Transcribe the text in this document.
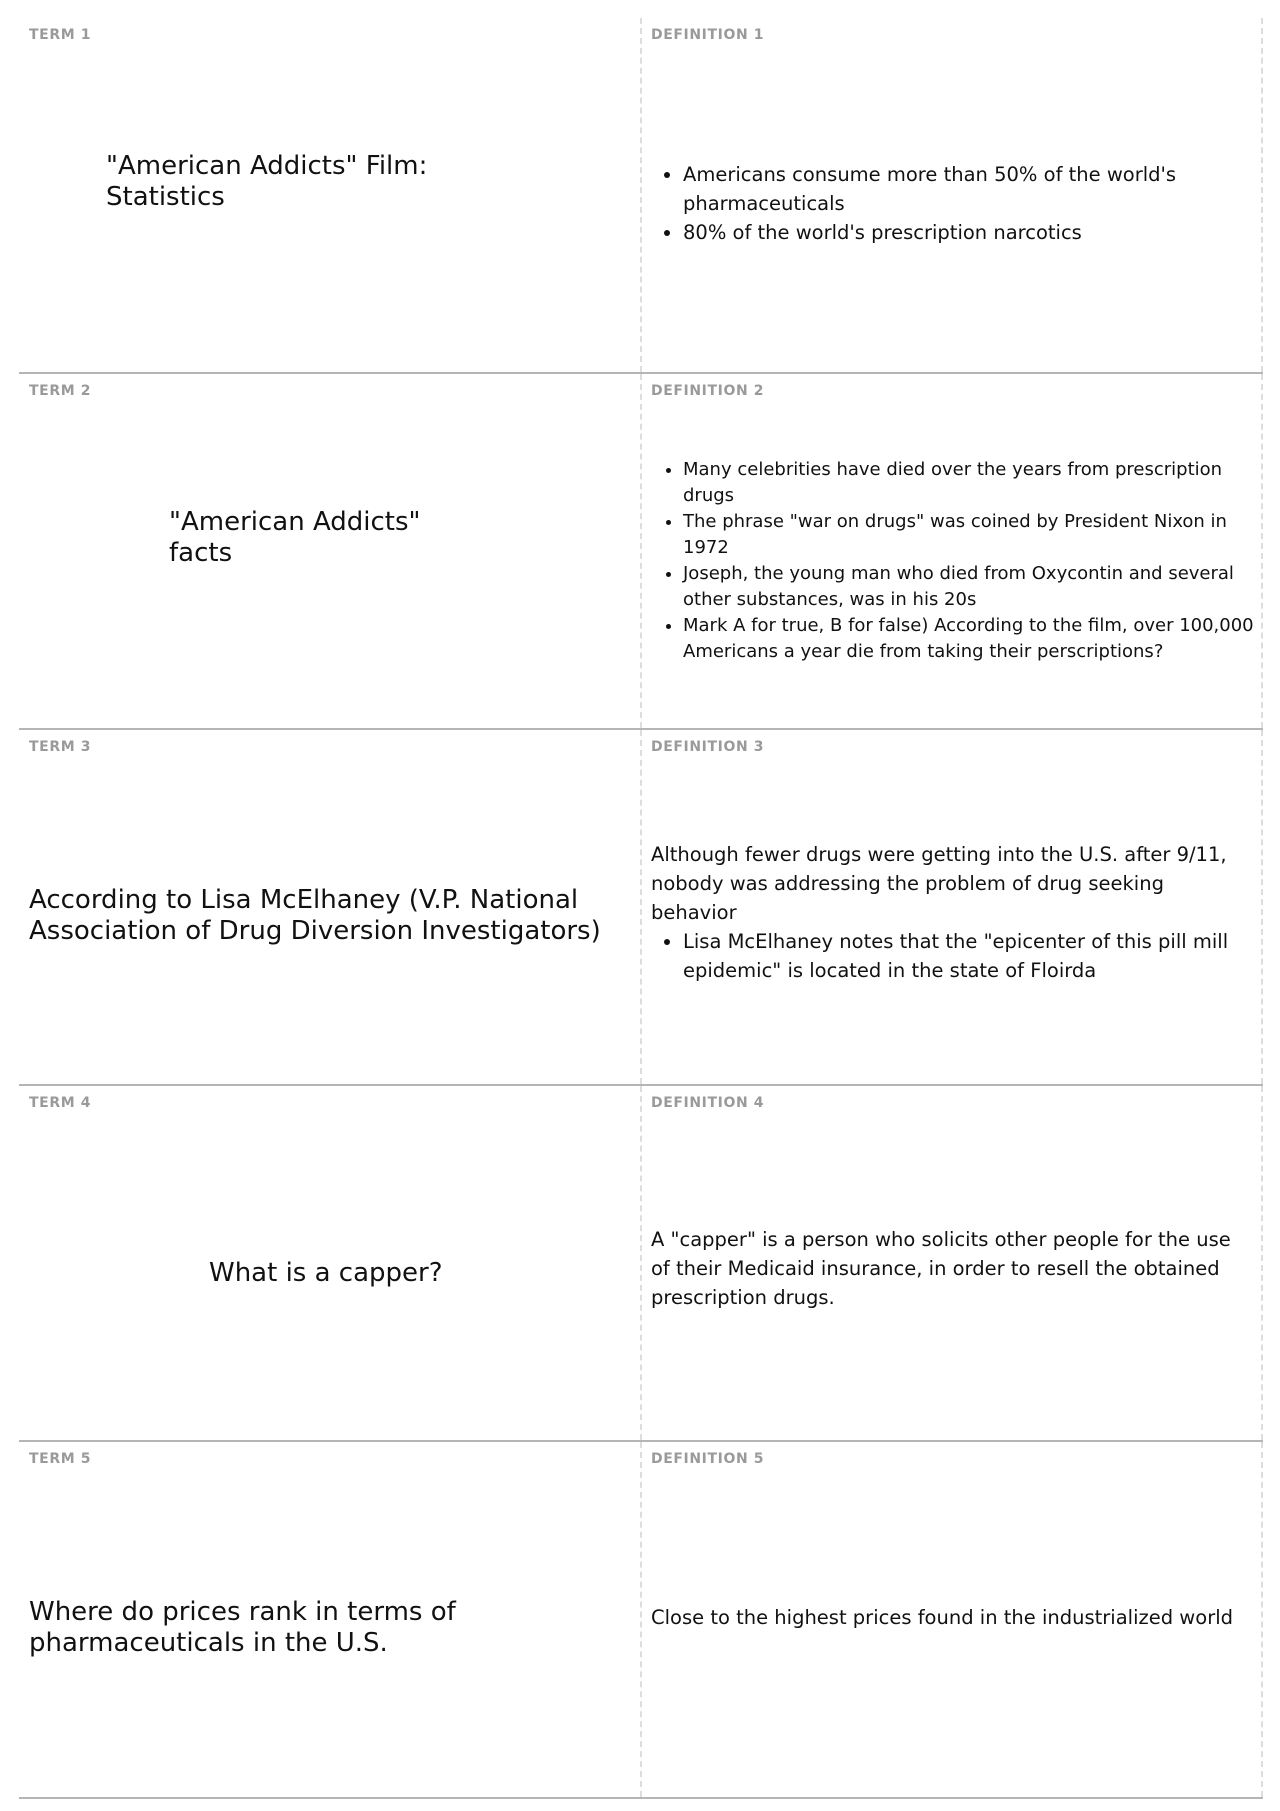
TERM 1
"American Addicts" Film: Statistics
DEFINITION 1
• Americans consume more than 50% of the world's pharmaceuticals
• 80% of the world's prescription narcotics
TERM 2
"American Addicts" facts
DEFINITION 2
• Many celebrities have died over the years from prescription drugs
• The phrase "war on drugs" was coined by President Nixon in 1972
• Joseph, the young man who died from Oxycontin and several other substances, was in his 20s
• Mark A for true, B for false) According to the film, over 100,000 Americans a year die from taking their perscriptions?
TERM 3
According to Lisa McElhaney (V.P. National Association of Drug Diversion Investigators)
DEFINITION 3

Although fewer drugs were getting into the U.S. after 9/11, nobody was addressing the problem of drug seeking behavior

• Lisa McElhaney notes that the "epicenter of this pill mill epidemic" is located in the state of Floirda
TERM 4
What is a capper?
DEFINITION 4

A "capper" is a person who solicits other people for the use of their Medicaid insurance, in order to resell the obtained prescription drugs.

TERM 5
Where do prices rank in terms of pharmaceuticals in the U.S.
DEFINITION 5

Close to the highest prices found in the industrialized world
